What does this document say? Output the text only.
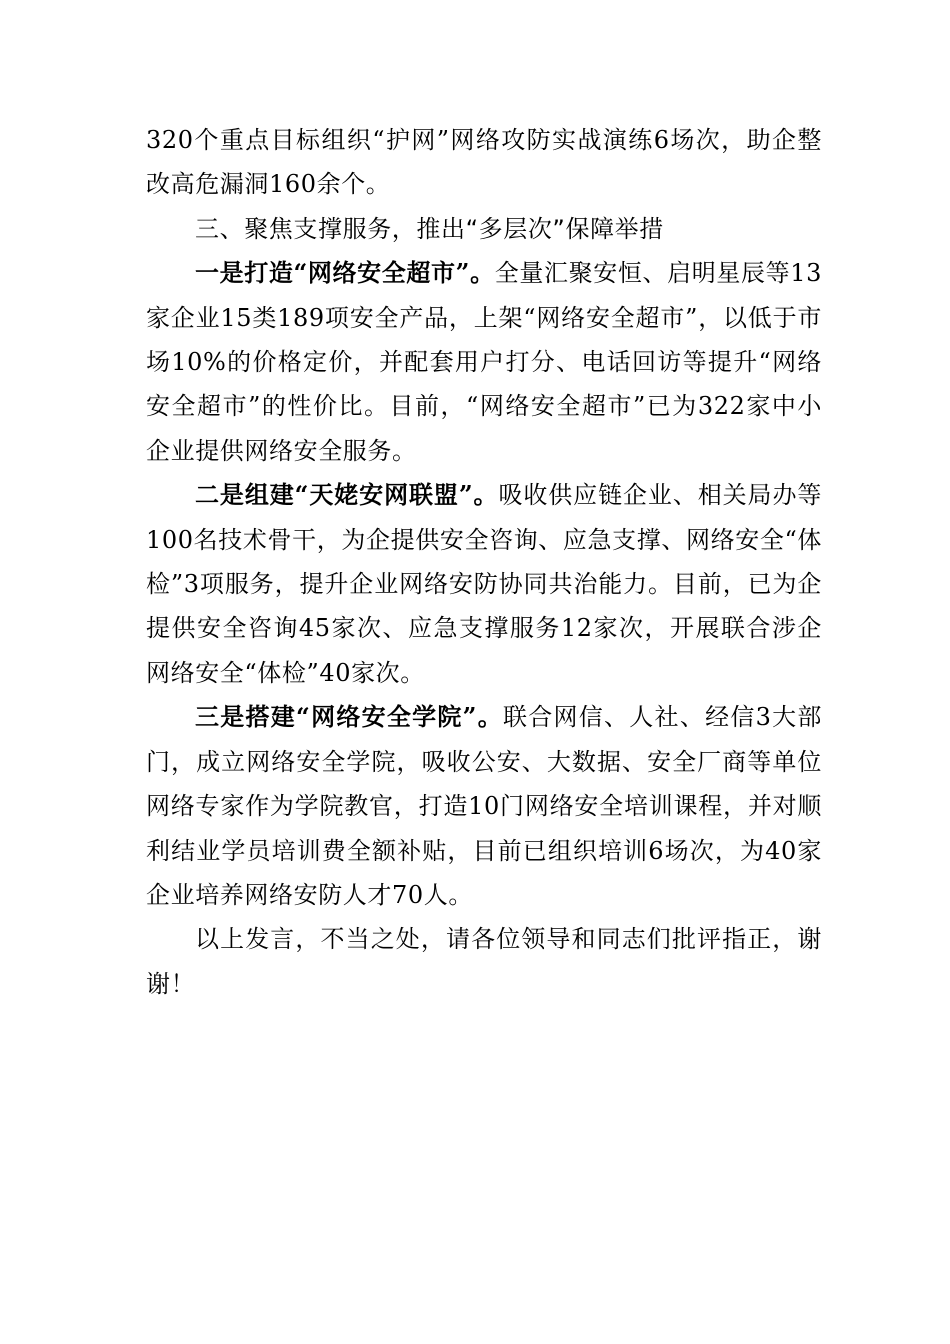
320个重点目标组织“护网”网络攻防实战演练6场次，助企整改高危漏洞160余个。

三、聚焦支撑服务，推出“多层次”保障举措

一是打造“网络安全超市”。全量汇聚安恒、启明星辰等13家企业15类189项安全产品，上架“网络安全超市”，以低于市场10%的价格定价，并配套用户打分、电话回访等提升“网络安全超市”的性价比。目前，“网络安全超市”已为322家中小企业提供网络安全服务。

二是组建“天姥安网联盟”。吸收供应链企业、相关局办等100名技术骨干，为企提供安全咨询、应急支撑、网络安全“体检”3项服务，提升企业网络安防协同共治能力。目前，已为企提供安全咨询45家次、应急支撑服务12家次，开展联合涉企网络安全“体检”40家次。

三是搭建“网络安全学院”。联合网信、人社、经信3大部门，成立网络安全学院，吸收公安、大数据、安全厂商等单位网络专家作为学院教官，打造10门网络安全培训课程，并对顺利结业学员培训费全额补贴，目前已组织培训6场次，为40家企业培养网络安防人才70人。

以上发言，不当之处，请各位领导和同志们批评指正，谢谢！
